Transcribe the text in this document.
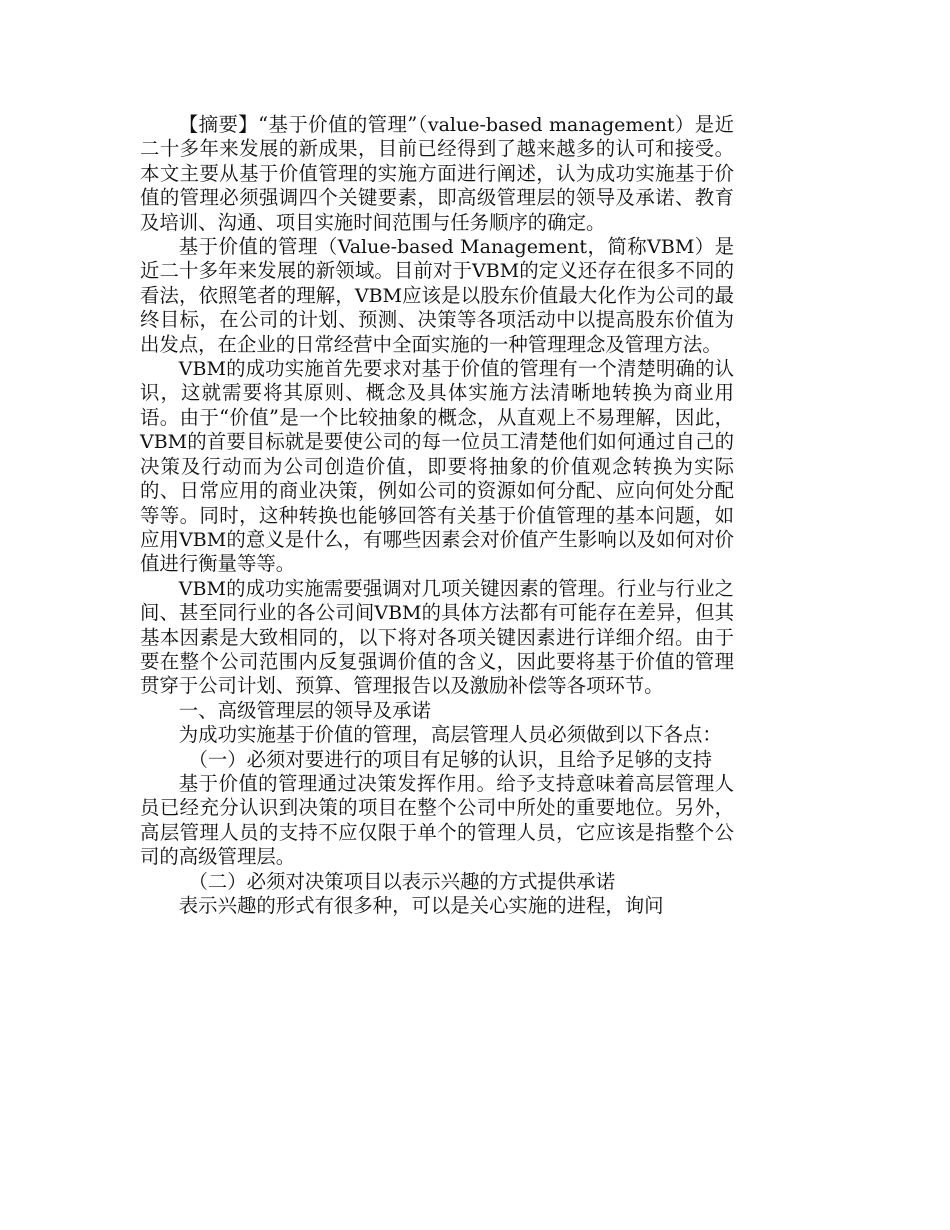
【摘要】“基于价值的管理”（value-based management）是近二十多年来发展的新成果，目前已经得到了越来越多的认可和接受。本文主要从基于价值管理的实施方面进行阐述，认为成功实施基于价值的管理必须强调四个关键要素，即高级管理层的领导及承诺、教育及培训、沟通、项目实施时间范围与任务顺序的确定。

基于价值的管理（Value-based Management，简称VBM）是近二十多年来发展的新领域。目前对于VBM的定义还存在很多不同的看法，依照笔者的理解，VBM应该是以股东价值最大化作为公司的最终目标，在公司的计划、预测、决策等各项活动中以提高股东价值为出发点，在企业的日常经营中全面实施的一种管理理念及管理方法。

VBM的成功实施首先要求对基于价值的管理有一个清楚明确的认识，这就需要将其原则、概念及具体实施方法清晰地转换为商业用语。由于“价值”是一个比较抽象的概念，从直观上不易理解，因此，VBM的首要目标就是要使公司的每一位员工清楚他们如何通过自己的决策及行动而为公司创造价值，即要将抽象的价值观念转换为实际的、日常应用的商业决策，例如公司的资源如何分配、应向何处分配等等。同时，这种转换也能够回答有关基于价值管理的基本问题，如应用VBM的意义是什么，有哪些因素会对价值产生影响以及如何对价值进行衡量等等。

VBM的成功实施需要强调对几项关键因素的管理。行业与行业之间、甚至同行业的各公司间VBM的具体方法都有可能存在差异，但其基本因素是大致相同的，以下将对各项关键因素进行详细介绍。由于要在整个公司范围内反复强调价值的含义，因此要将基于价值的管理贯穿于公司计划、预算、管理报告以及激励补偿等各项环节。

一、高级管理层的领导及承诺

为成功实施基于价值的管理，高层管理人员必须做到以下各点：

（一）必须对要进行的项目有足够的认识，且给予足够的支持

基于价值的管理通过决策发挥作用。给予支持意味着高层管理人员已经充分认识到决策的项目在整个公司中所处的重要地位。另外，高层管理人员的支持不应仅限于单个的管理人员，它应该是指整个公司的高级管理层。

（二）必须对决策项目以表示兴趣的方式提供承诺

表示兴趣的形式有很多种，可以是关心实施的进程，询问
